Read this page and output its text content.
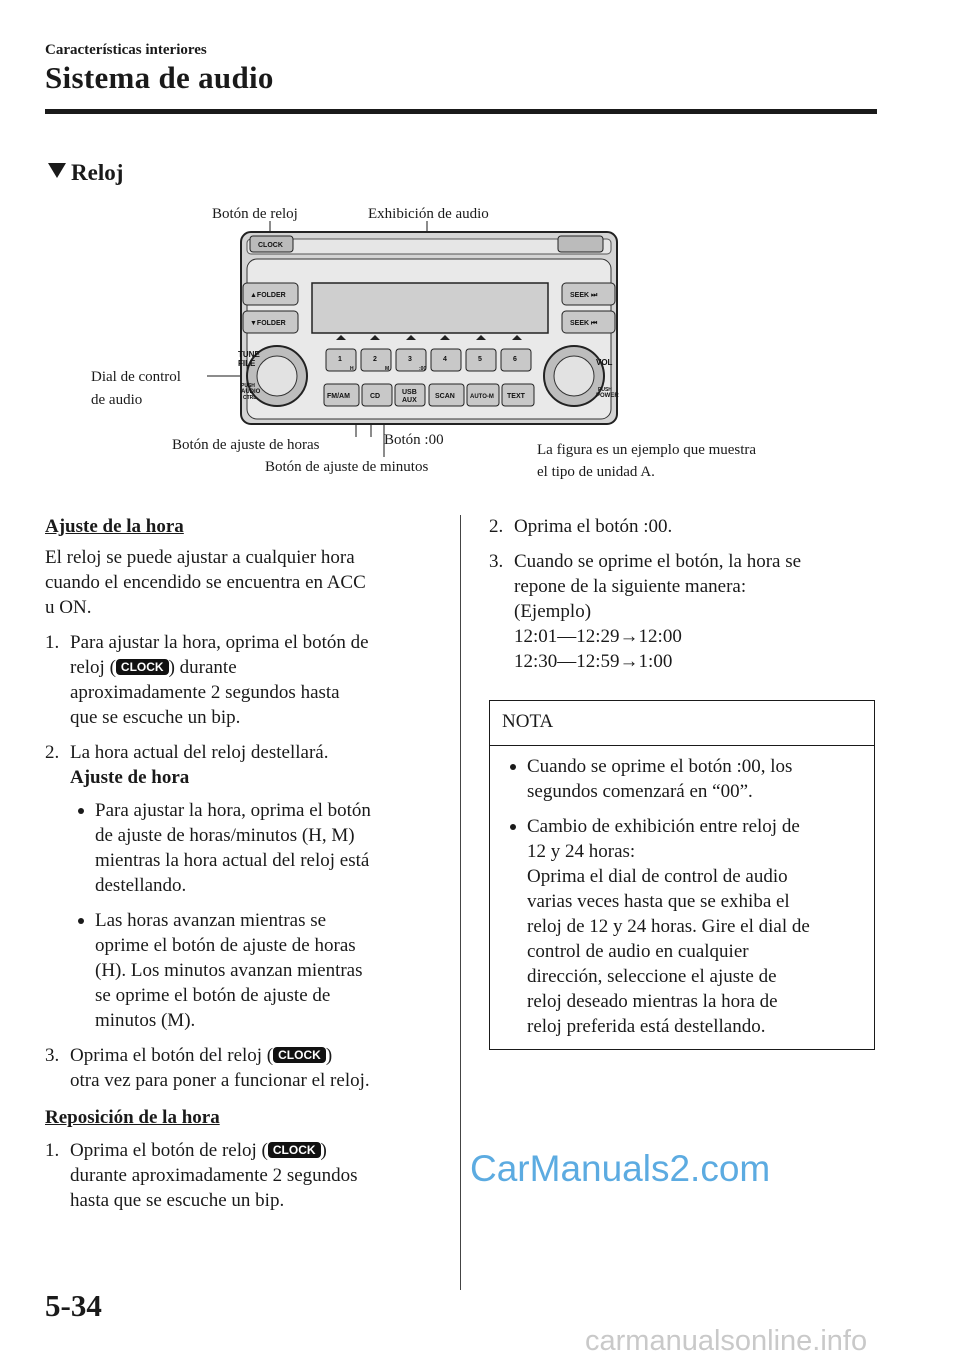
Características interiores
Sistema de audio
Reloj
CLOCK
▲FOLDER
▼FOLDER
SEEK ⏭
SEEK ⏮
TUNE
FILE
PUSH
AUDIO
CTRL.
VOL
PUSH
POWER
1	2	3	4	5	6
H	M	:00
FM/AM	CD
USB
AUX
SCAN	AUTO-M TEXT
Botón de reloj	Exhibición de audio
Dial de control
de audio
Botón de ajuste de horas	Botón :00
Botón de ajuste de minutos
La figura es un ejemplo que muestra
el tipo de unidad A.

Ajuste de la hora

El reloj se puede ajustar a cualquier hora

cuando el encendido se encuentra en ACC

u ON.

1. Para ajustar la hora, oprima el botón de

reloj ( CLOCK ) durante

aproximadamente 2 segundos hasta

que se escuche un bip.

2. La hora actual del reloj destellará.

Ajuste de hora

Para ajustar la hora, oprima el botón

de ajuste de horas/minutos (H, M)

mientras la hora actual del reloj está

destellando.

Las horas avanzan mientras se

oprime el botón de ajuste de horas

(H). Los minutos avanzan mientras

se oprime el botón de ajuste de

minutos (M).

3. Oprima el botón del reloj ( CLOCK )

otra vez para poner a funcionar el reloj.

Reposición de la hora

1. Oprima el botón de reloj ( CLOCK )

durante aproximadamente 2 segundos

hasta que se escuche un bip.

2. Oprima el botón :00.

3. Cuando se oprime el botón, la hora se

repone de la siguiente manera:

(Ejemplo)

12:01—12:29→12:00

12:30—12:59→1:00

NOTA

Cuando se oprime el botón :00, los

segundos comenzará en “00”.

Cambio de exhibición entre reloj de

12 y 24 horas:

Oprima el dial de control de audio

varias veces hasta que se exhiba el

reloj de 12 y 24 horas. Gire el dial de

control de audio en cualquier

dirección, seleccione el ajuste de

reloj deseado mientras la hora de

reloj preferida está destellando.

CarManuals2.com
5-34
carmanualsonline.info
